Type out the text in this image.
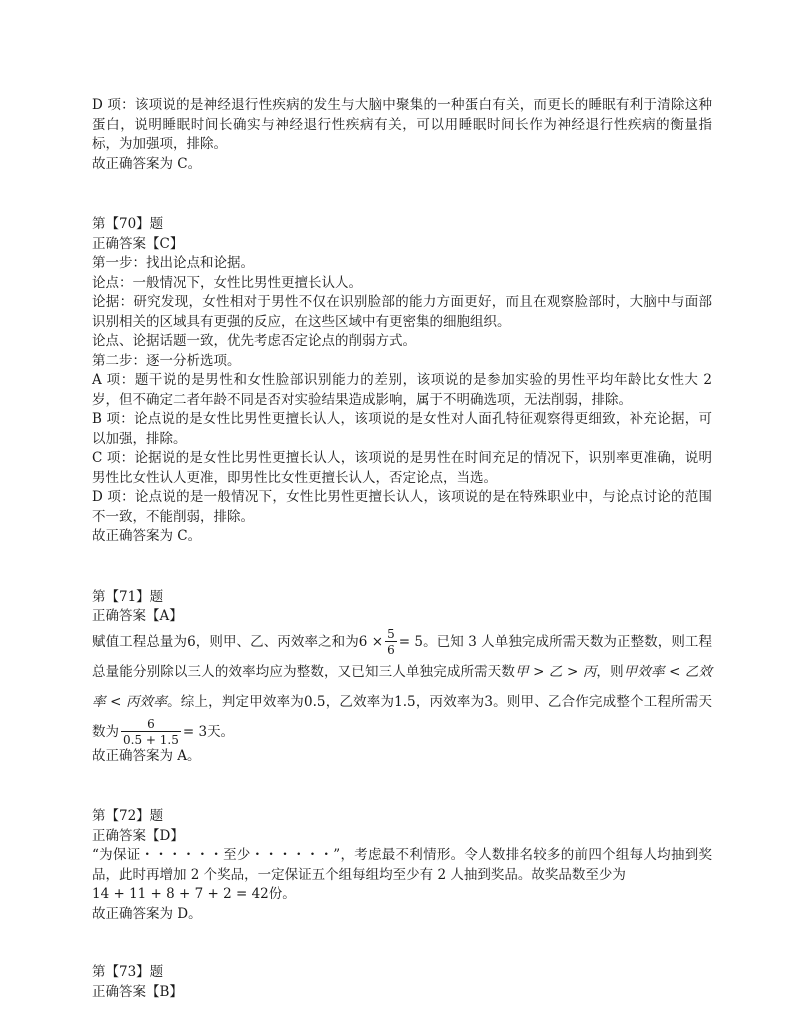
D 项：该项说的是神经退行性疾病的发生与大脑中聚集的一种蛋白有关，而更长的睡眠有利于清除这种蛋白，说明睡眠时间长确实与神经退行性疾病有关，可以用睡眠时间长作为神经退行性疾病的衡量指标，为加强项，排除。

故正确答案为 C。

第【70】题

正确答案【C】

第一步：找出论点和论据。

论点：一般情况下，女性比男性更擅长认人。

论据：研究发现，女性相对于男性不仅在识别脸部的能力方面更好，而且在观察脸部时，大脑中与面部识别相关的区域具有更强的反应，在这些区域中有更密集的细胞组织。

论点、论据话题一致，优先考虑否定论点的削弱方式。

第二步：逐一分析选项。

A 项：题干说的是男性和女性脸部识别能力的差别，该项说的是参加实验的男性平均年龄比女性大 2 岁，但不确定二者年龄不同是否对实验结果造成影响，属于不明确选项，无法削弱，排除。

B 项：论点说的是女性比男性更擅长认人，该项说的是女性对人面孔特征观察得更细致，补充论据，可以加强，排除。

C 项：论据说的是女性比男性更擅长认人，该项说的是男性在时间充足的情况下，识别率更准确，说明男性比女性认人更准，即男性比女性更擅长认人，否定论点，当选。

D 项：论点说的是一般情况下，女性比男性更擅长认人，该项说的是在特殊职业中，与论点讨论的范围不一致，不能削弱，排除。

故正确答案为 C。

第【71】题

正确答案【A】

赋值工程总量为6，则甲、乙、丙效率之和为$6 \times \frac{5}{6} = 5$。已知 3 人单独完成所需天数为正整数，则工程总量能分别除以三人的效率均应为整数，又已知三人单独完成所需天数甲 > 乙 > 丙，则甲效率 < 乙效率 < 丙效率。综上，判定甲效率为0.5，乙效率为1.5，丙效率为3。则甲、乙合作完成整个工程所需天数为 $\frac{6}{0.5 + 1.5} = 3$天。

故正确答案为 A。

第【72】题

正确答案【D】

“为保证・・・・・・至少・・・・・・”，考虑最不利情形。令人数排名较多的前四个组每人均抽到奖品，此时再增加 2 个奖品，一定保证五个组每组均至少有 2 人抽到奖品。故奖品数至少为
14 + 11 + 8 + 7 + 2 = 42份。

故正确答案为 D。

第【73】题

正确答案【B】
